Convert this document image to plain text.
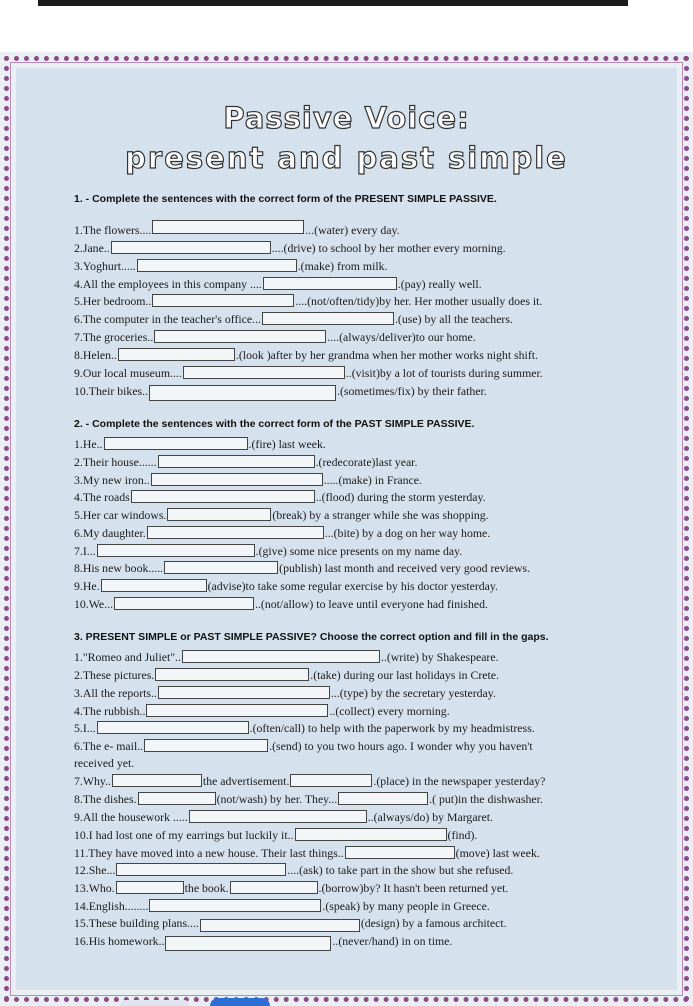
Passive Voice:
present and past simple
1. - Complete the sentences with the correct form of the PRESENT SIMPLE PASSIVE.
1.The flowers....	...(water) every day.
2.Jane..	....(drive) to school by her mother every morning.
3.Yoghurt.....	.(make) from milk.
4.All the employees in this company ....	.(pay) really well.
5.Her bedroom..	....(not/often/tidy)by her. Her mother usually does it.
6.The computer in the teacher's office...	.(use) by all the teachers.
7.The groceries..	....(always/deliver)to our home.
8.Helen..	.(look )after by her grandma when her mother works night shift.
9.Our local museum....	..(visit)by a lot of tourists during summer.
10.Their bikes..	.(sometimes/fix) by their father.
2. - Complete the sentences with the correct form of the PAST SIMPLE PASSIVE.
1.He..	.(fire) last week.
2.Their house......	.(redecorate)last year.
3.My new iron..	.....(make) in France.
4.The roads	..(flood) during the storm yesterday.
5.Her car windows.	(break) by a stranger while she was shopping.
6.My daughter.	...(bite) by a dog on her way home.
7.I...	.(give) some nice presents on my name day.
8.His new book.....	(publish) last month and received very good reviews.
9.He.	(advise)to take some regular exercise by his doctor yesterday.
10.We...	..(not/allow) to leave until everyone had finished.
3. PRESENT SIMPLE or PAST SIMPLE PASSIVE? Choose the correct option and fill in the gaps.
1."Romeo and Juliet"..	..(write) by Shakespeare.
2.These pictures.	.(take) during our last holidays in Crete.
3.All the reports..	...(type) by the secretary yesterday.
4.The rubbish..	..(collect) every morning.
5.I...	.(often/call) to help with the paperwork by my headmistress.
6.The e- mail..	.(send) to you two hours ago. I wonder why you haven't
received yet.
7.Why..	the advertisement.	.(place) in the newspaper yesterday?
8.The dishes.	(not/wash) by her. They...	.( put)in the dishwasher.
9.All the housework .....	..(always/do) by Margaret.
10.I had lost one of my earrings but luckily it..	(find).
11.They have moved into a new house. Their last things..	(move) last week.
12.She...	....(ask) to take part in the show but she refused.
13.Who.	the book.	.(borrow)by? It hasn't been returned yet.
14.English........	.(speak) by many people in Greece.
15.These building plans....	(design) by a famous architect.
16.His homework..	..(never/hand) in on time.
